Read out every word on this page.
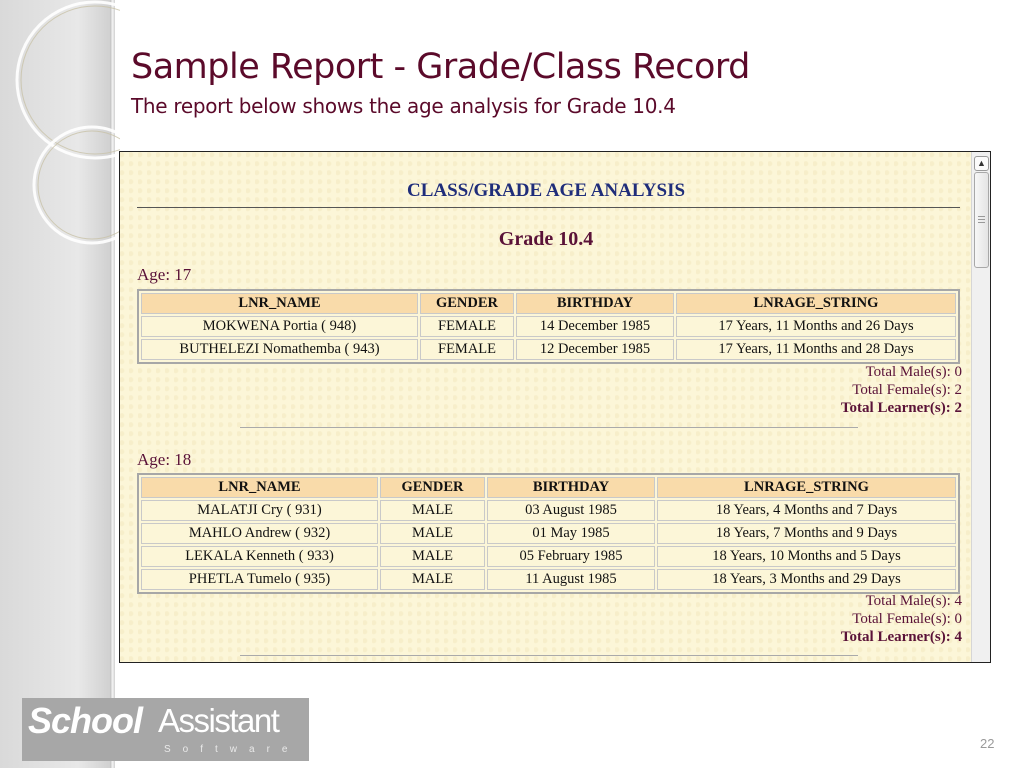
Sample Report - Grade/Class Record
The report below shows the age analysis for Grade 10.4
CLASS/GRADE AGE ANALYSIS
Grade 10.4
Age: 17
LNR_NAME	GENDER	BIRTHDAY	LNRAGE_STRING
MOKWENA Portia ( 948)	FEMALE	14 December 1985	17 Years, 11 Months and 26 Days
BUTHELEZI Nomathemba ( 943)	FEMALE	12 December 1985	17 Years, 11 Months and 28 Days
Total Male(s): 0
Total Female(s): 2
Total Learner(s): 2
Age: 18
LNR_NAME	GENDER	BIRTHDAY	LNRAGE_STRING
MALATJI Cry ( 931)	MALE	03 August 1985	18 Years, 4 Months and 7 Days
MAHLO Andrew ( 932)	MALE	01 May 1985	18 Years, 7 Months and 9 Days
LEKALA Kenneth ( 933)	MALE	05 February 1985	18 Years, 10 Months and 5 Days
PHETLA Tumelo ( 935)	MALE	11 August 1985	18 Years, 3 Months and 29 Days
Total Male(s): 4
Total Female(s): 0
Total Learner(s): 4
▲
School Assistant
Software	22
